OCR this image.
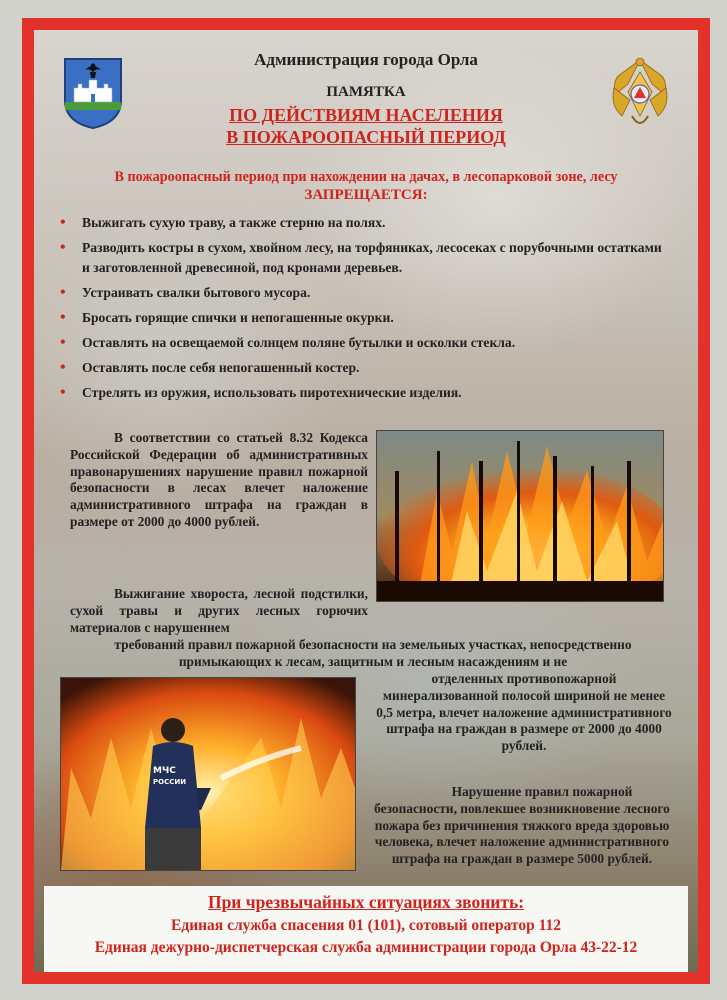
Администрация города Орла
ПАМЯТКА
ПО ДЕЙСТВИЯМ НАСЕЛЕНИЯ
В ПОЖАРООПАСНЫЙ ПЕРИОД
В пожароопасный период при нахождении на дачах, в лесопарковой зоне, лесу
ЗАПРЕЩАЕТСЯ:
• Выжигать сухую траву, а также стерню на полях.
• Разводить костры в сухом, хвойном лесу, на торфяниках, лесосеках с порубочными остатками и заготовленной древесиной, под кронами деревьев.
• Устраивать свалки бытового мусора.
• Бросать горящие спички и непогашенные окурки.
• Оставлять на освещаемой солнцем поляне бутылки и осколки стекла.
• Оставлять после себя непогашенный костер.
• Стрелять из оружия, использовать пиротехнические изделия.
В соответствии со статьей 8.32 Кодекса Российской Федерации об административных правонарушениях нарушение правил пожарной безопасности в лесах влечет наложение административного штрафа на граждан в размере от 2000 до 4000 рублей.
Выжигание хвороста, лесной подстилки, сухой травы и других лесных горючих материалов с нарушением
требований правил пожарной безопасности на земельных участках, непосредственно примыкающих к лесам, защитным и лесным насаждениям и не
МЧС
РОССИИ
отделенных противопожарной минерализованной полосой шириной не менее 0,5 метра, влечет наложение административного штрафа на граждан в размере от 2000 до 4000 рублей.
Нарушение правил пожарной безопасности, повлекшее возникновение лесного пожара без причинения тяжкого вреда здоровью человека, влечет наложение административного штрафа на граждан в размере 5000 рублей.
При чрезвычайных ситуациях звонить:
Единая служба спасения 01 (101), сотовый оператор 112
Единая дежурно-диспетчерская служба администрации города Орла 43-22-12
